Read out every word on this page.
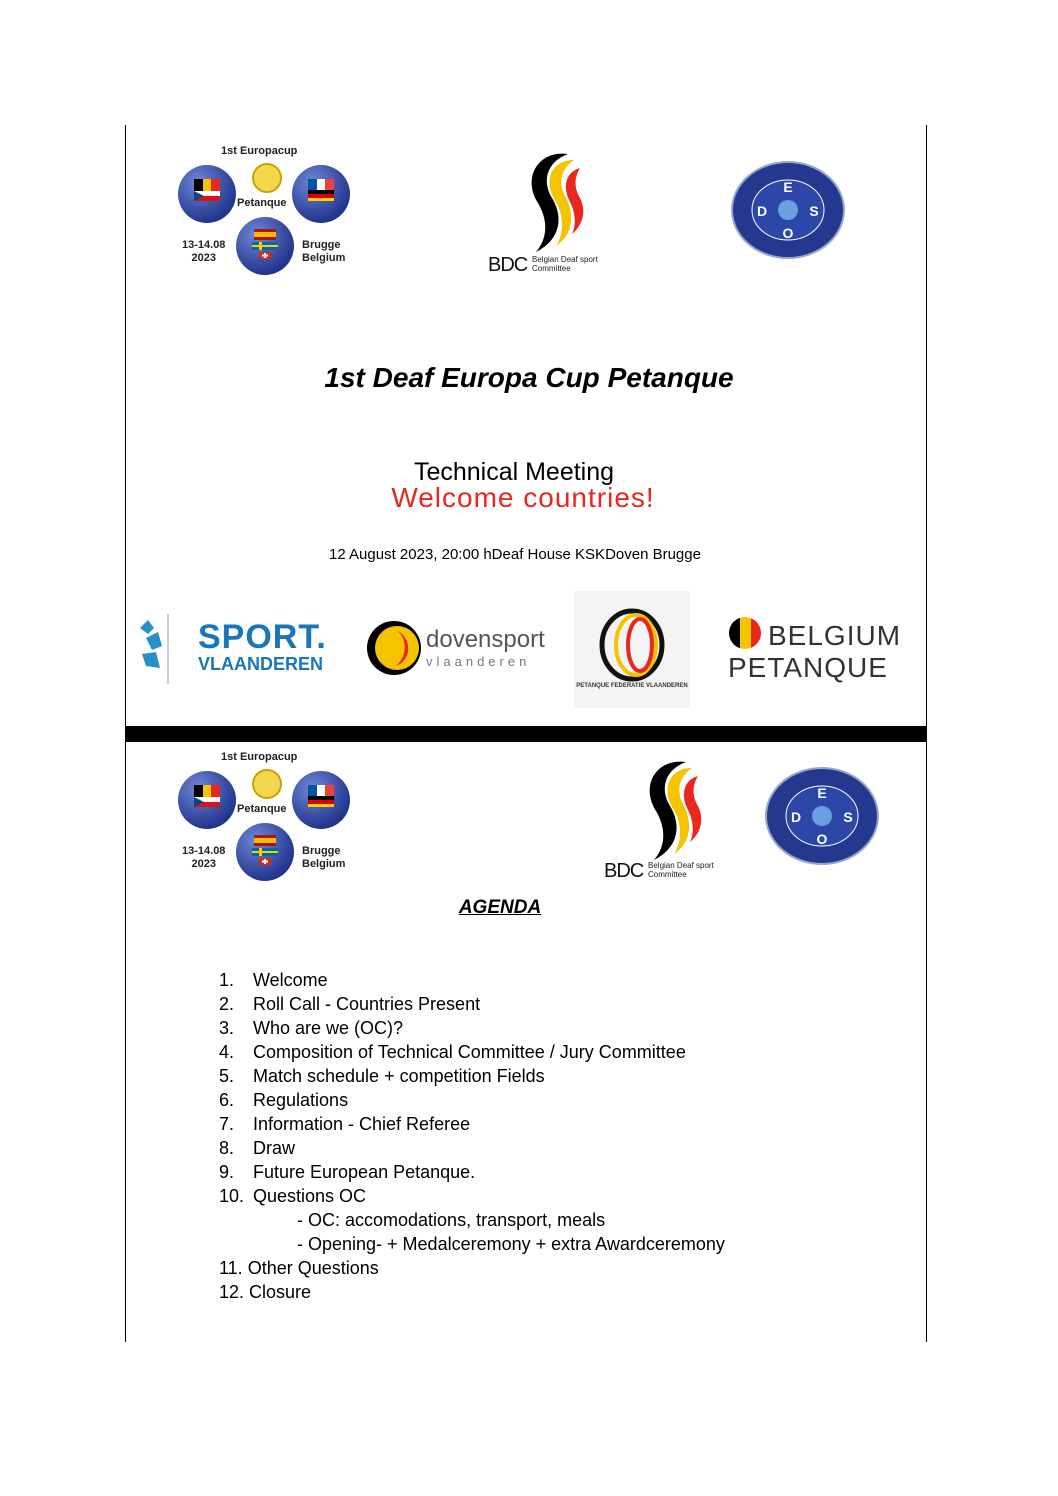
1st Europacup
Petanque
13-14.08
2023
Brugge
Belgium	BDC Belgian Deaf sport
Committee
E
D	S
O
1st Deaf Europa Cup Petanque
Technical Meeting
Welcome countries!
12 August 2023, 20:00 hDeaf House KSKDoven Brugge
SPORT.
VLAANDEREN
dovensport
vlaanderen
PETANQUE FEDERATIE VLAANDEREN
BELGIUM
PETANQUE
1st Europacup
Petanque
13-14.08
2023
Brugge
Belgium	BDC Belgian Deaf sport
Committee
E
D	S
O
AGENDA
1. Welcome
2. Roll Call - Countries Present
3. Who are we (OC)?
4. Composition of Technical Committee / Jury Committee
5. Match schedule + competition Fields
6. Regulations
7. Information - Chief Referee
8. Draw
9. Future European Petanque.
10. Questions OC
- OC: accomodations, transport, meals
- Opening- + Medalceremony + extra Awardceremony
11. Other Questions
12. Closure
